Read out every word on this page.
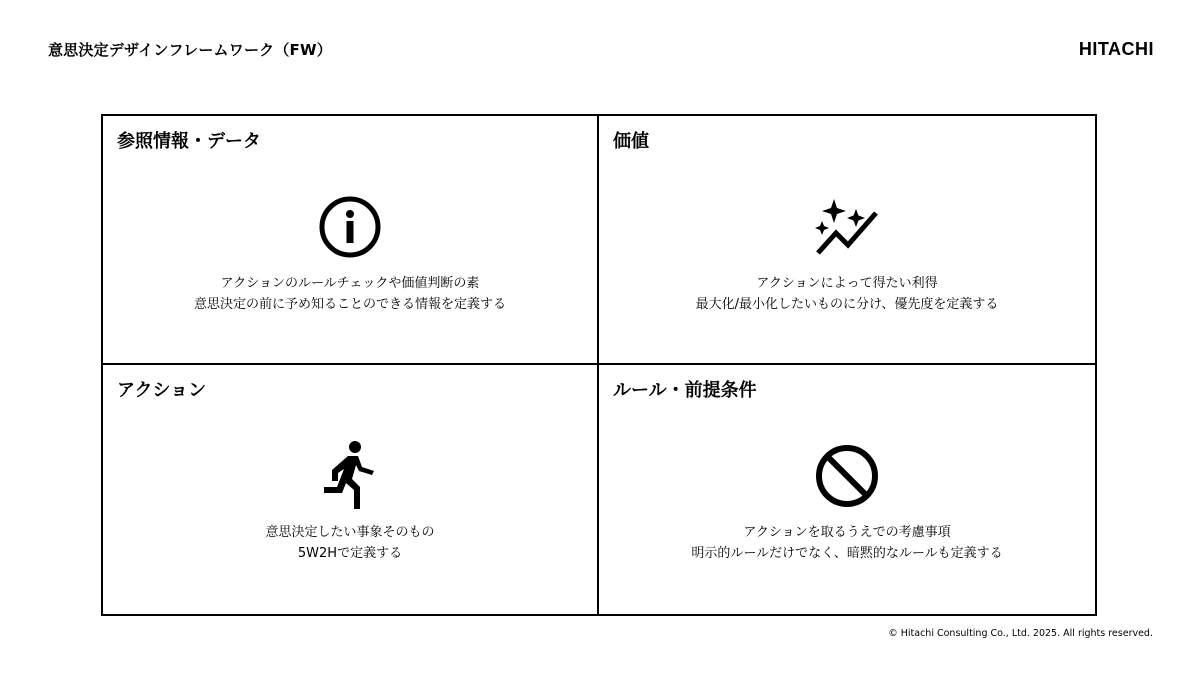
意思決定デザインフレームワーク（FW）	HITACHI
参照情報・データ
アクションのルールチェックや価値判断の素
意思決定の前に予め知ることのできる情報を定義する
価値
アクションによって得たい利得
最大化/最小化したいものに分け、優先度を定義する
アクション
意思決定したい事象そのもの
5W2Hで定義する
ルール・前提条件
アクションを取るうえでの考慮事項
明示的ルールだけでなく、暗黙的なルールも定義する
© Hitachi Consulting Co., Ltd. 2025. All rights reserved.
